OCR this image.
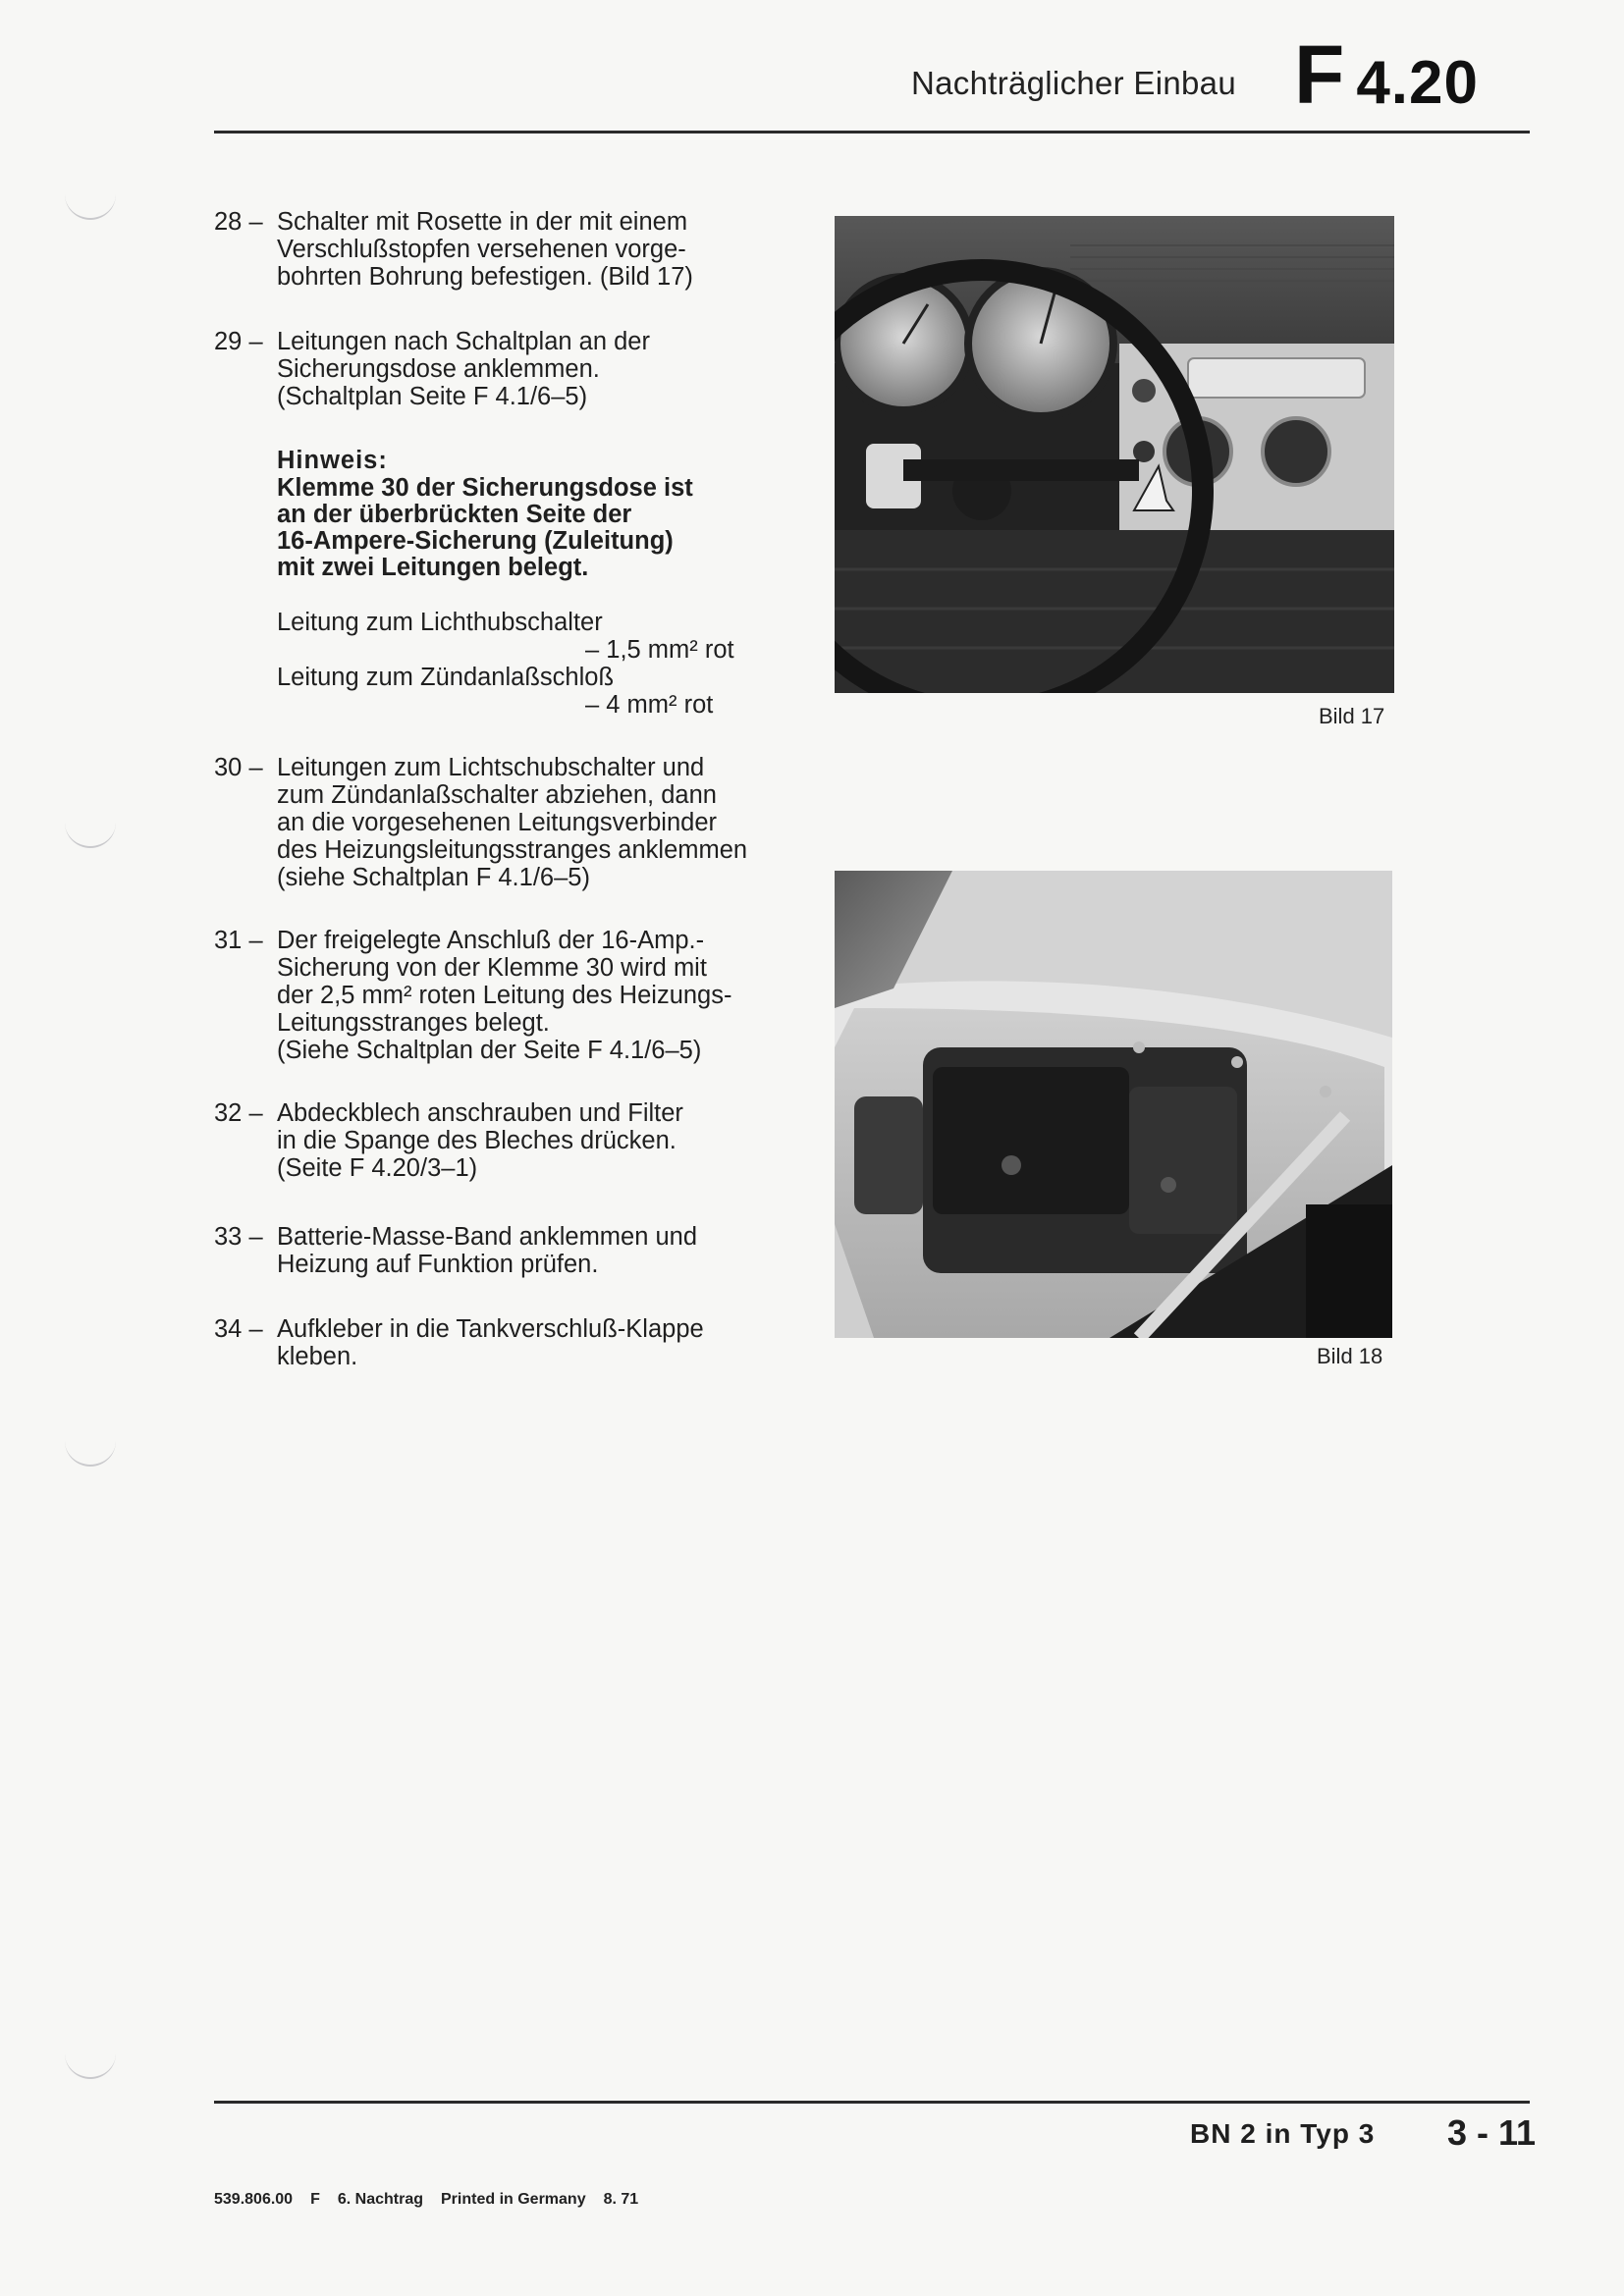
Nachträglicher Einbau F 4.20
28 – Schalter mit Rosette in der mit einem
Verschlußstopfen versehenen vorge-
bohrten Bohrung befestigen. (Bild 17)
29 – Leitungen nach Schaltplan an der
Sicherungsdose anklemmen.
(Schaltplan Seite F 4.1/6–5)
Hinweis:
Klemme 30 der Sicherungsdose ist
an der überbrückten Seite der
16-Ampere-Sicherung (Zuleitung)
mit zwei Leitungen belegt.
Leitung zum Lichthubschalter
– 1,5 mm² rot
Leitung zum Zündanlaßschloß
– 4 mm² rot
30 – Leitungen zum Lichtschubschalter und
zum Zündanlaßschalter abziehen, dann
an die vorgesehenen Leitungsverbinder
des Heizungsleitungsstranges anklemmen
(siehe Schaltplan F 4.1/6–5)
31 – Der freigelegte Anschluß der 16-Amp.-
Sicherung von der Klemme 30 wird mit
der 2,5 mm² roten Leitung des Heizungs-
Leitungsstranges belegt.
(Siehe Schaltplan der Seite F 4.1/6–5)
32 – Abdeckblech anschrauben und Filter
in die Spange des Bleches drücken.
(Seite F 4.20/3–1)
33 – Batterie-Masse-Band anklemmen und
Heizung auf Funktion prüfen.
34 – Aufkleber in die Tankverschluß-Klappe
kleben.
Bild 17
Bild 18
BN 2 in Typ 3 3 - 11
539.806.00 F 6. Nachtrag Printed in Germany 8. 71
